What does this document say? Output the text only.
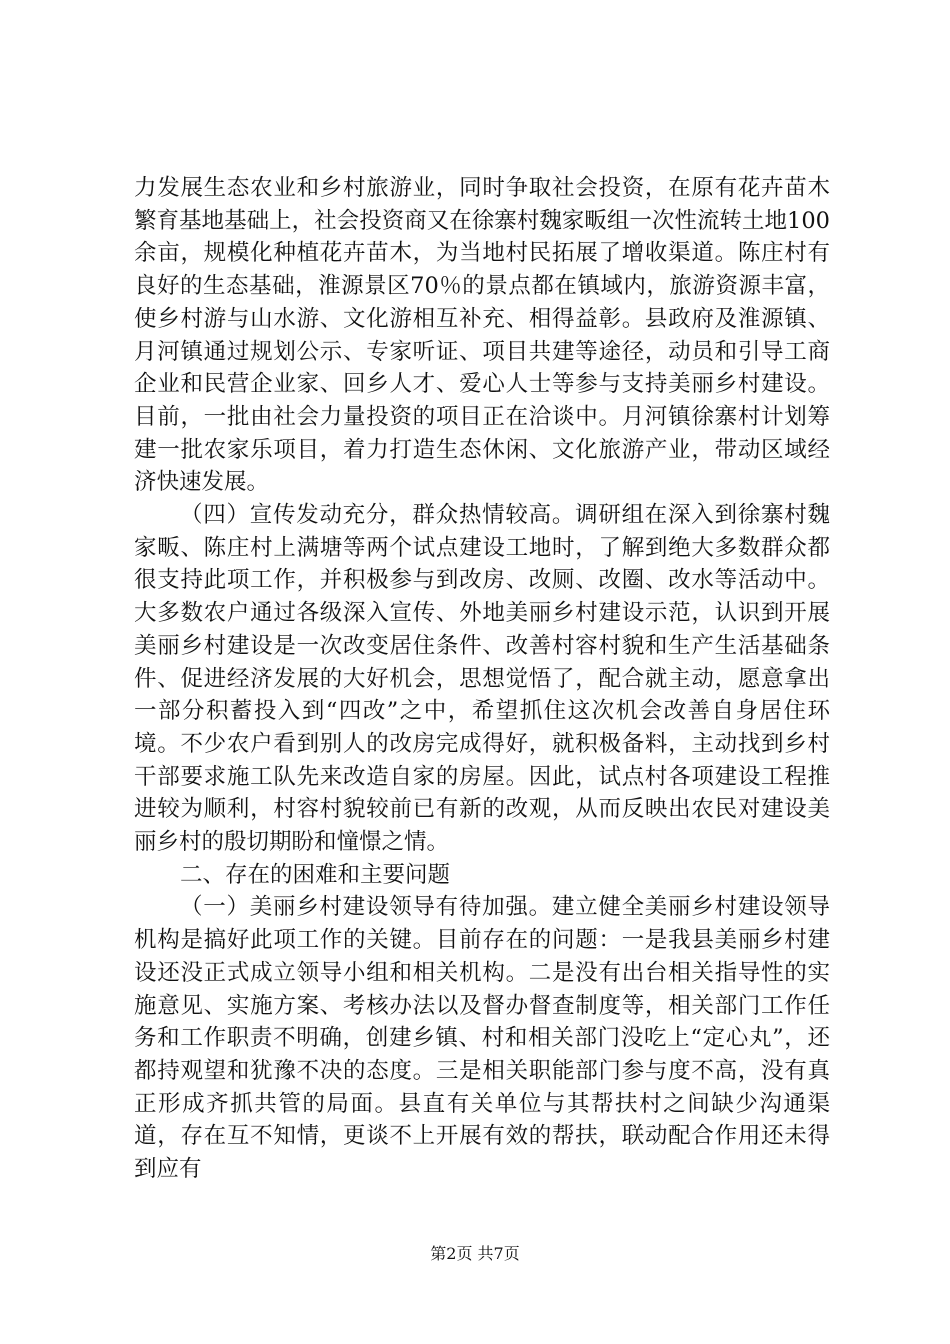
力发展生态农业和乡村旅游业，同时争取社会投资，在原有花卉苗木繁育基地基础上，社会投资商又在徐寨村魏家畈组一次性流转土地100余亩，规模化种植花卉苗木，为当地村民拓展了增收渠道。陈庄村有良好的生态基础，淮源景区70％的景点都在镇域内，旅游资源丰富，使乡村游与山水游、文化游相互补充、相得益彰。县政府及淮源镇、月河镇通过规划公示、专家听证、项目共建等途径，动员和引导工商企业和民营企业家、回乡人才、爱心人士等参与支持美丽乡村建设。目前，一批由社会力量投资的项目正在洽谈中。月河镇徐寨村计划筹建一批农家乐项目，着力打造生态休闲、文化旅游产业，带动区域经济快速发展。

（四）宣传发动充分，群众热情较高。调研组在深入到徐寨村魏家畈、陈庄村上满塘等两个试点建设工地时，了解到绝大多数群众都很支持此项工作，并积极参与到改房、改厕、改圈、改水等活动中。大多数农户通过各级深入宣传、外地美丽乡村建设示范，认识到开展美丽乡村建设是一次改变居住条件、改善村容村貌和生产生活基础条件、促进经济发展的大好机会，思想觉悟了，配合就主动，愿意拿出一部分积蓄投入到“四改”之中，希望抓住这次机会改善自身居住环境。不少农户看到别人的改房完成得好，就积极备料，主动找到乡村干部要求施工队先来改造自家的房屋。因此，试点村各项建设工程推进较为顺利，村容村貌较前已有新的改观，从而反映出农民对建设美丽乡村的殷切期盼和憧憬之情。

二、存在的困难和主要问题

（一）美丽乡村建设领导有待加强。建立健全美丽乡村建设领导机构是搞好此项工作的关键。目前存在的问题：一是我县美丽乡村建设还没正式成立领导小组和相关机构。二是没有出台相关指导性的实施意见、实施方案、考核办法以及督办督查制度等，相关部门工作任务和工作职责不明确，创建乡镇、村和相关部门没吃上“定心丸”，还都持观望和犹豫不决的态度。三是相关职能部门参与度不高，没有真正形成齐抓共管的局面。县直有关单位与其帮扶村之间缺少沟通渠道，存在互不知情，更谈不上开展有效的帮扶，联动配合作用还未得到应有

第2页 共7页
